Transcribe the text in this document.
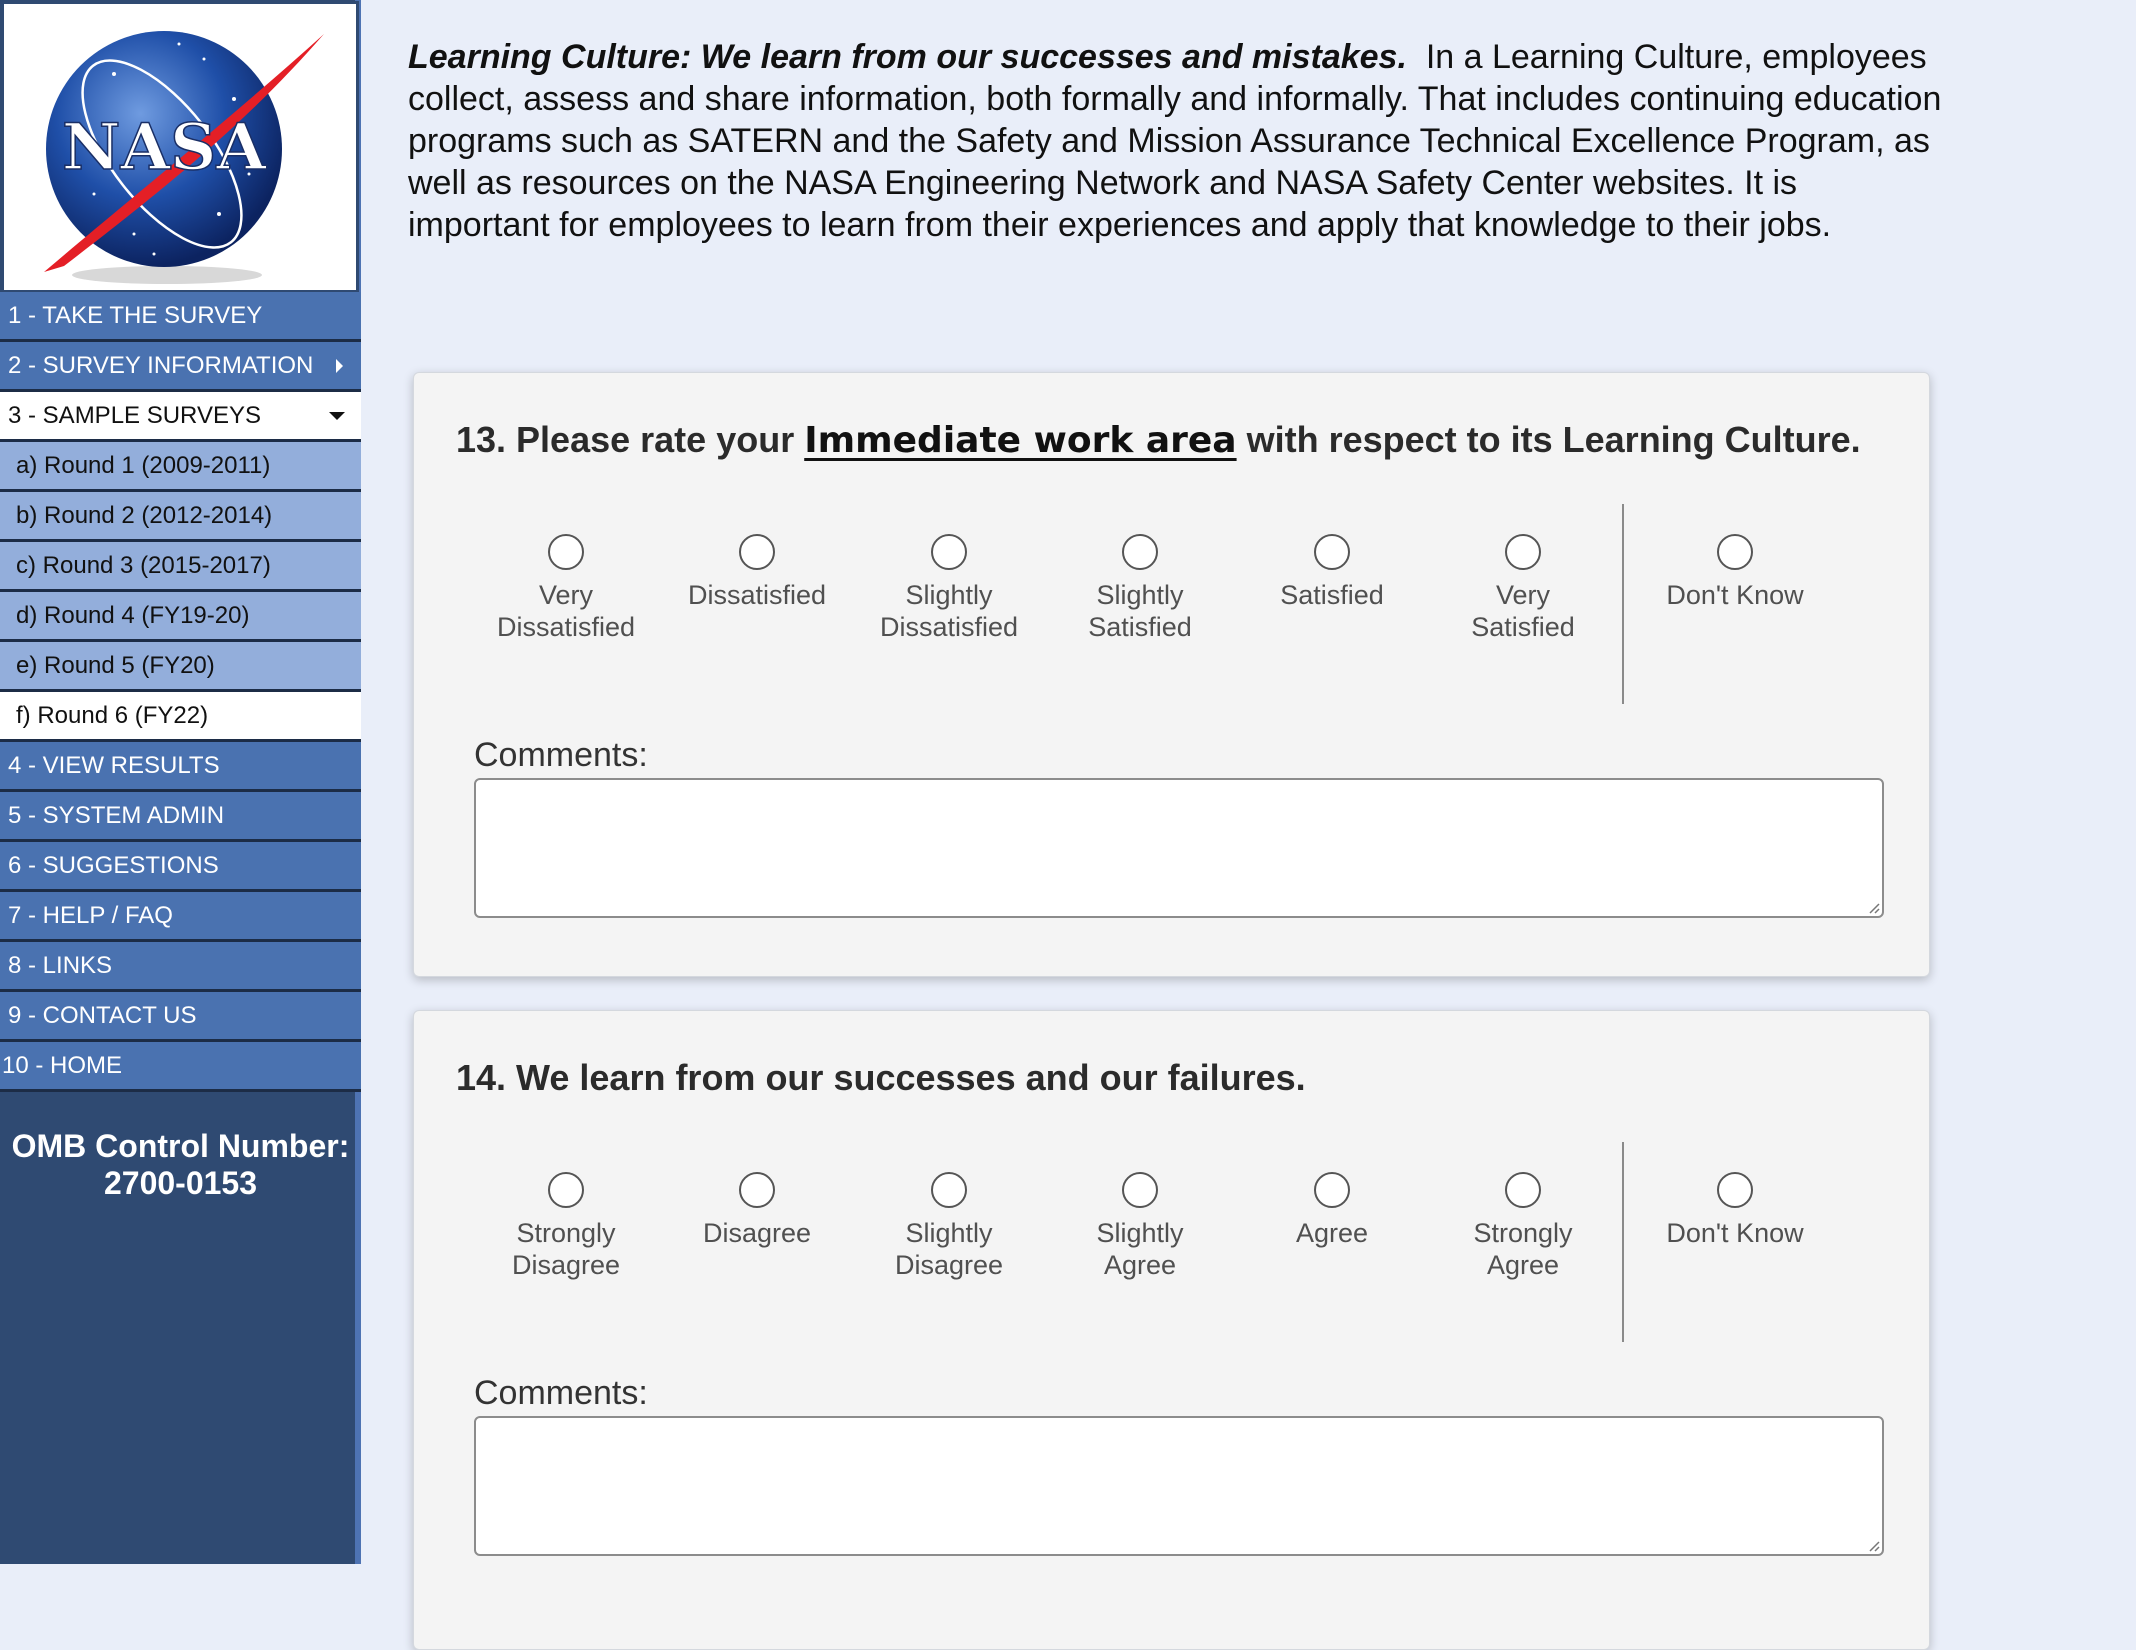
NASA
1 - TAKE THE SURVEY
2 - SURVEY INFORMATION
3 - SAMPLE SURVEYS
a) Round 1 (2009-2011)
b) Round 2 (2012-2014)
c) Round 3 (2015-2017)
d) Round 4 (FY19-20)
e) Round 5 (FY20)
f) Round 6 (FY22)
4 - VIEW RESULTS
5 - SYSTEM ADMIN
6 - SUGGESTIONS
7 - HELP / FAQ
8 - LINKS
9 - CONTACT US
10 - HOME
OMB Control Number:
2700-0153
Learning Culture: We learn from our successes and mistakes. In a Learning Culture, employees collect, assess and share information, both formally and informally. That includes continuing education programs such as SATERN and the Safety and Mission Assurance Technical Excellence Program, as well as resources on the NASA Engineering Network and NASA Safety Center websites. It is important for employees to learn from their experiences and apply that knowledge to their jobs.
13. Please rate your Immediate work area with respect to its Learning Culture.
Very
Dissatisfied
Dissatisfied	Slightly
Dissatisfied
Slightly
Satisfied
Satisfied	Very
Satisfied
Don't Know
Comments:
14. We learn from our successes and our failures.
Strongly
Disagree
Disagree	Slightly
Disagree
Slightly
Agree
Agree	Strongly
Agree
Don't Know
Comments:
